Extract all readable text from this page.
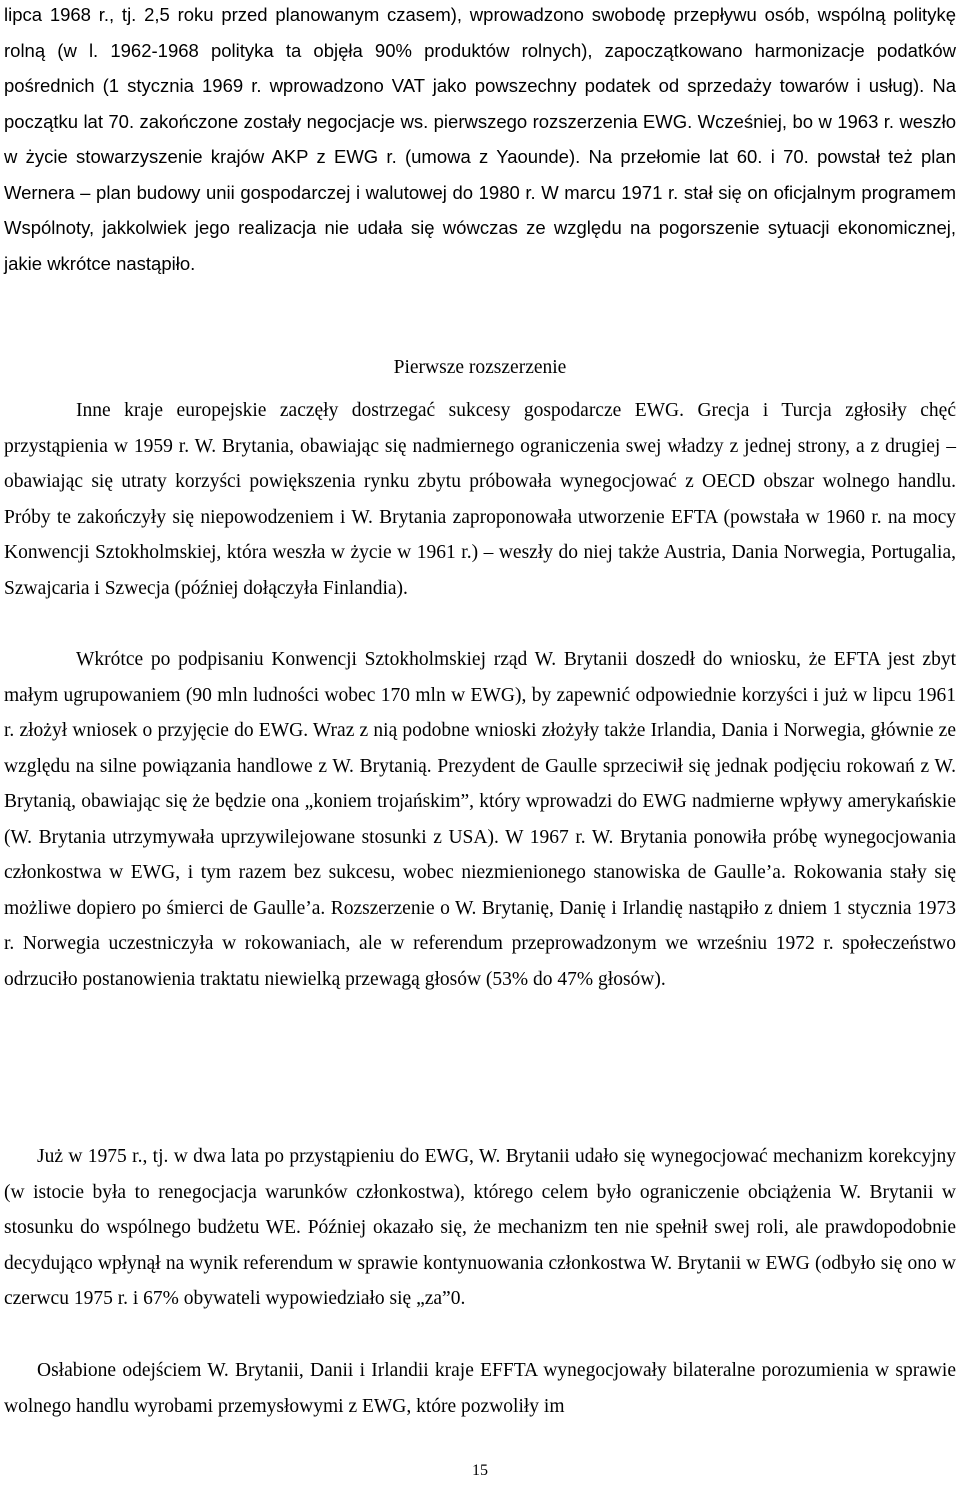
lipca 1968 r., tj. 2,5 roku przed planowanym czasem), wprowadzono swobodę przepływu osób, wspólną politykę rolną (w l. 1962-1968 polityka ta objęła 90% produktów rolnych), zapoczątkowano harmonizacje podatków pośrednich (1 stycznia 1969 r. wprowadzono VAT jako powszechny podatek od sprzedaży towarów i usług). Na początku lat 70. zakończone zostały negocjacje ws. pierwszego rozszerzenia EWG. Wcześniej, bo w 1963 r. weszło w życie stowarzyszenie krajów AKP z EWG r. (umowa z Yaounde). Na przełomie lat 60. i 70. powstał też plan Wernera – plan budowy unii gospodarczej i walutowej do 1980 r. W marcu 1971 r. stał się on oficjalnym programem Wspólnoty, jakkolwiek jego realizacja nie udała się wówczas ze względu na pogorszenie sytuacji ekonomicznej, jakie wkrótce nastąpiło.

Pierwsze rozszerzenie

Inne kraje europejskie zaczęły dostrzegać sukcesy gospodarcze EWG. Grecja i Turcja zgłosiły chęć przystąpienia w 1959 r. W. Brytania, obawiając się nadmiernego ograniczenia swej władzy z jednej strony, a z drugiej – obawiając się utraty korzyści powiększenia rynku zbytu próbowała wynegocjować z OECD obszar wolnego handlu. Próby te zakończyły się niepowodzeniem i W. Brytania zaproponowała utworzenie EFTA (powstała w 1960 r. na mocy Konwencji Sztokholmskiej, która weszła w życie w 1961 r.) – weszły do niej także Austria, Dania Norwegia, Portugalia, Szwajcaria i Szwecja (później dołączyła Finlandia).

Wkrótce po podpisaniu Konwencji Sztokholmskiej rząd W. Brytanii doszedł do wniosku, że EFTA jest zbyt małym ugrupowaniem (90 mln ludności wobec 170 mln w EWG), by zapewnić odpowiednie korzyści i już w lipcu 1961 r. złożył wniosek o przyjęcie do EWG. Wraz z nią podobne wnioski złożyły także Irlandia, Dania i Norwegia, głównie ze względu na silne powiązania handlowe z W. Brytanią. Prezydent de Gaulle sprzeciwił się jednak podjęciu rokowań z W. Brytanią, obawiając się że będzie ona „koniem trojańskim”, który wprowadzi do EWG nadmierne wpływy amerykańskie (W. Brytania utrzymywała uprzywilejowane stosunki z USA). W 1967 r. W. Brytania ponowiła próbę wynegocjowania członkostwa w EWG, i tym razem bez sukcesu, wobec niezmienionego stanowiska de Gaulle’a. Rokowania stały się możliwe dopiero po śmierci de Gaulle’a. Rozszerzenie o W. Brytanię, Danię i Irlandię nastąpiło z dniem 1 stycznia 1973 r. Norwegia uczestniczyła w rokowaniach, ale w referendum przeprowadzonym we wrześniu 1972 r. społeczeństwo odrzuciło postanowienia traktatu niewielką przewagą głosów (53% do 47% głosów).

Już w 1975 r., tj. w dwa lata po przystąpieniu do EWG, W. Brytanii udało się wynegocjować mechanizm korekcyjny (w istocie była to renegocjacja warunków członkostwa), którego celem było ograniczenie obciążenia W. Brytanii w stosunku do wspólnego budżetu WE. Później okazało się, że mechanizm ten nie spełnił swej roli, ale prawdopodobnie decydująco wpłynął na wynik referendum w sprawie kontynuowania członkostwa W. Brytanii w EWG (odbyło się ono w czerwcu 1975 r. i 67% obywateli wypowiedziało się „za”0.

Osłabione odejściem W. Brytanii, Danii i Irlandii kraje EFFTA wynegocjowały bilateralne porozumienia w sprawie wolnego handlu wyrobami przemysłowymi z EWG, które pozwoliły im

15
